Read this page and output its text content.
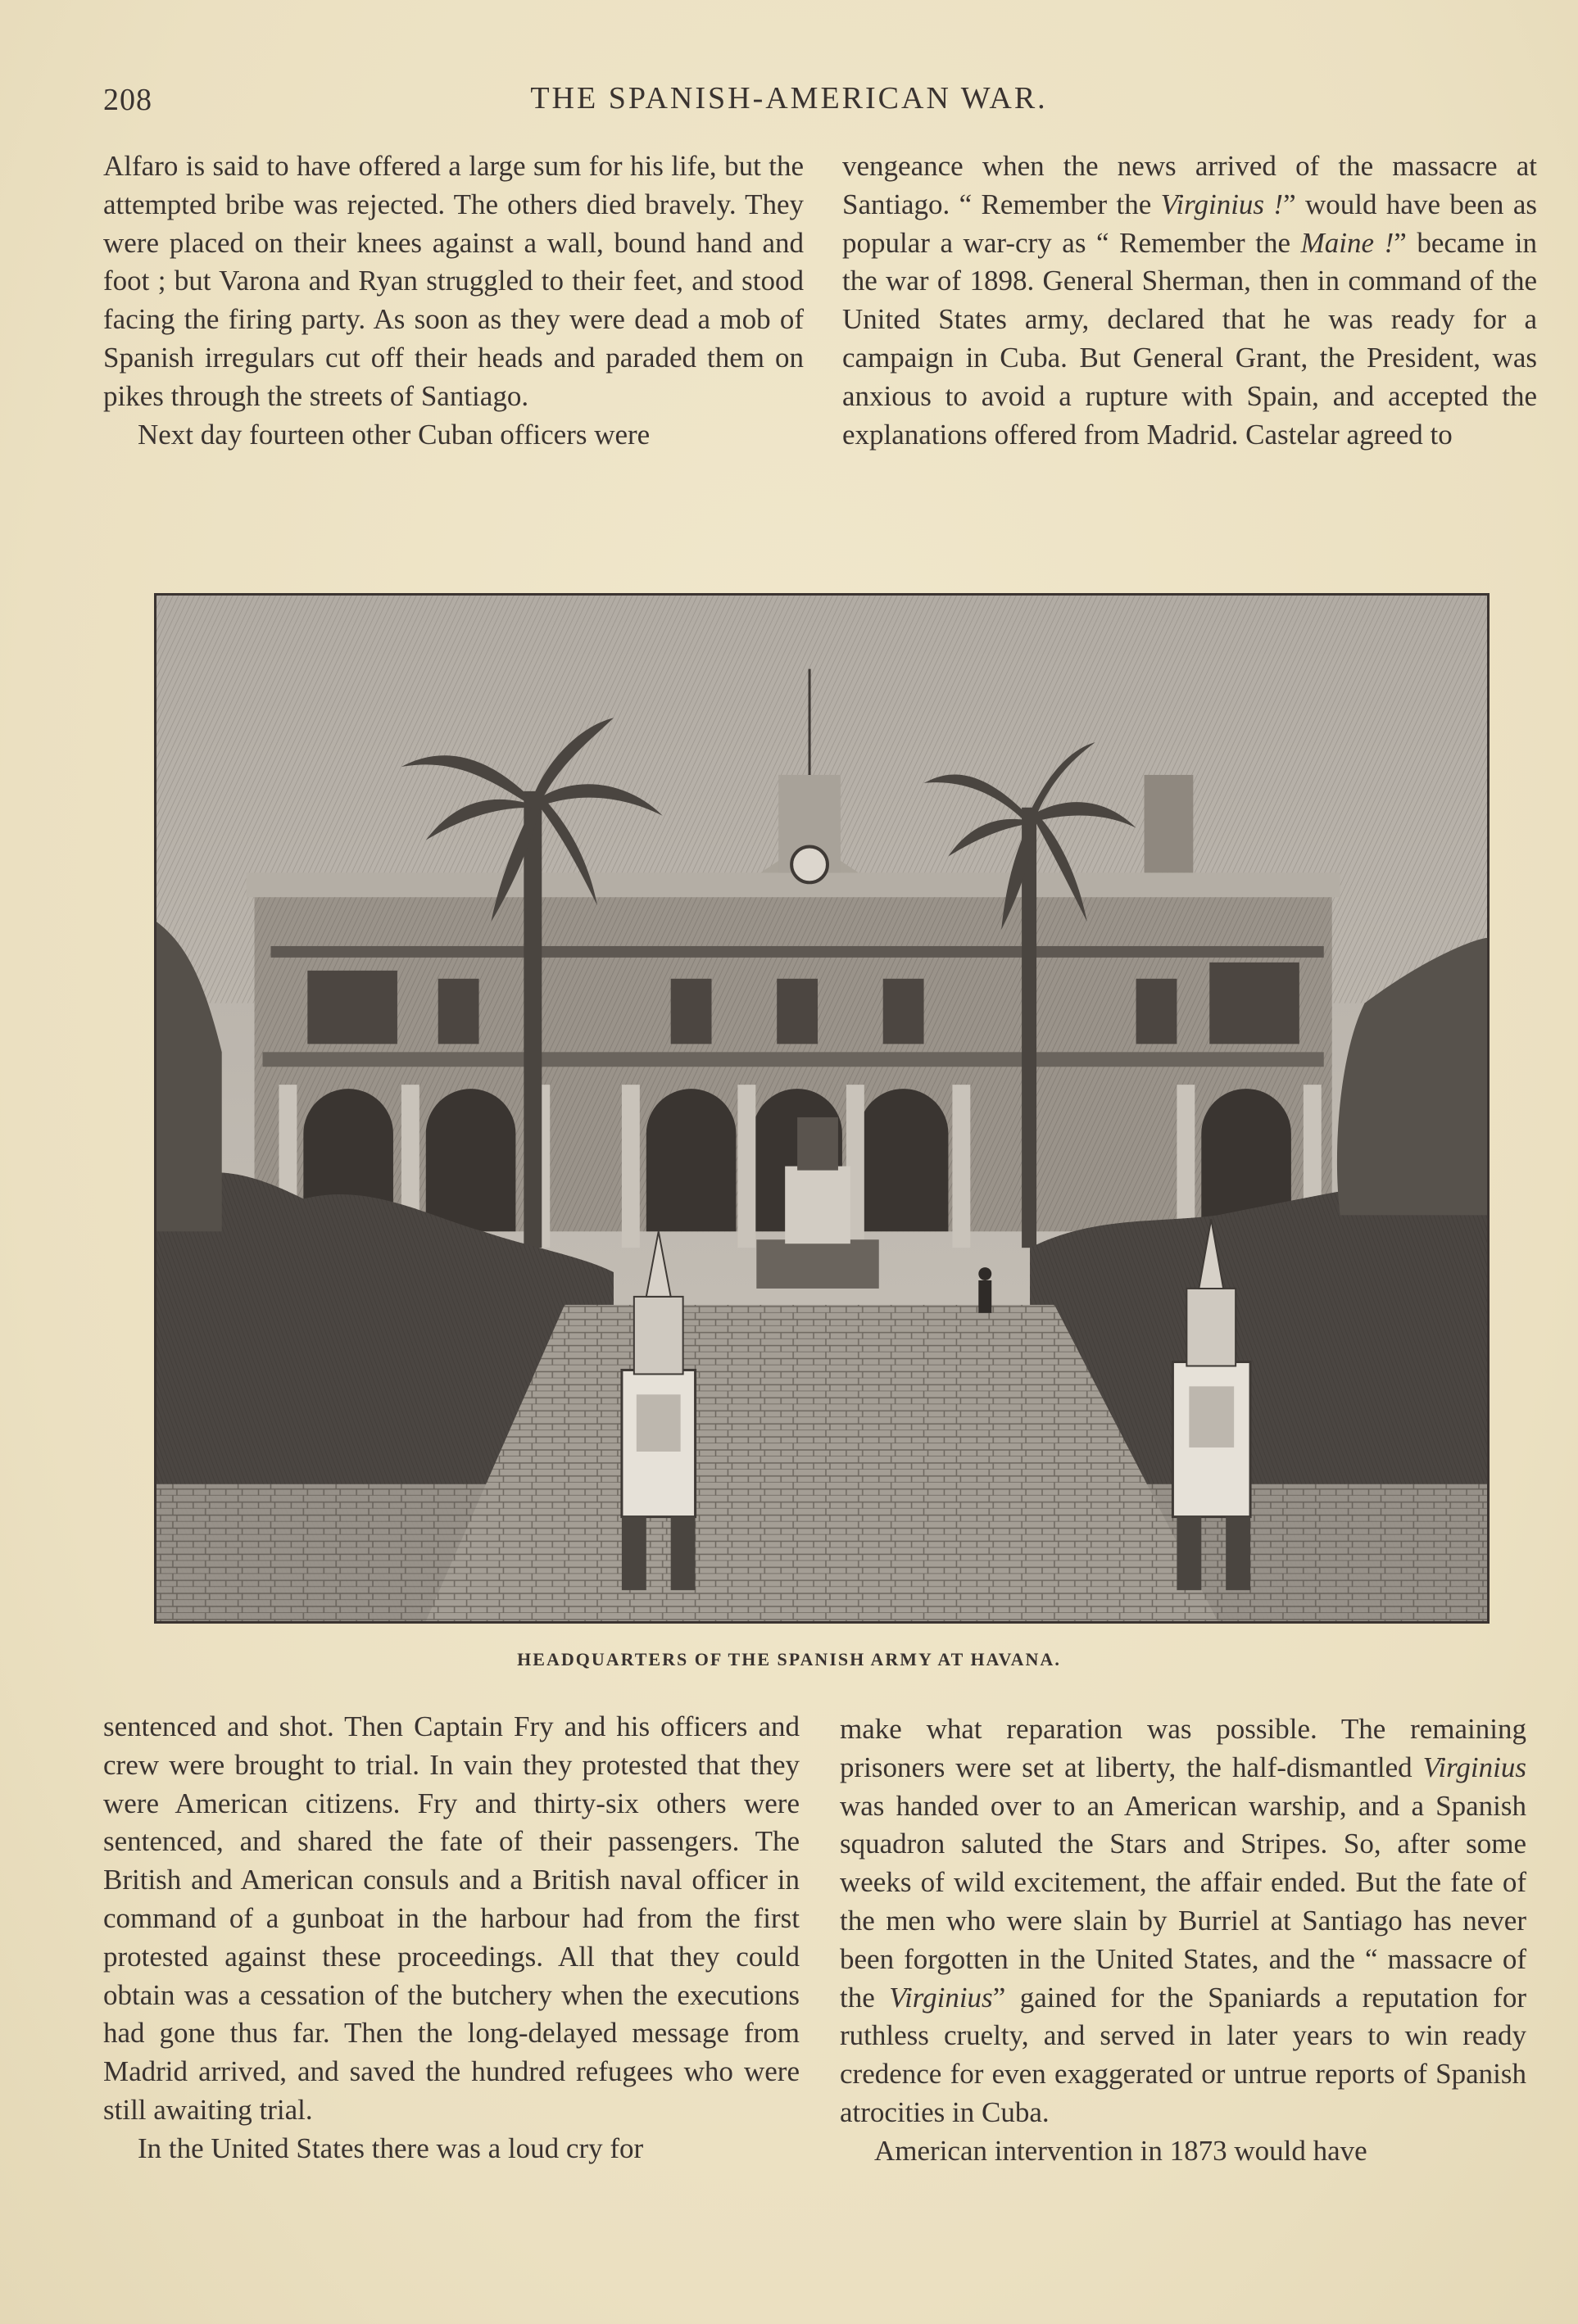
208	THE SPANISH-AMERICAN WAR.

Alfaro is said to have offered a large sum for his life, but the attempted bribe was rejected. The others died bravely. They were placed on their knees against a wall, bound hand and foot ; but Varona and Ryan struggled to their feet, and stood facing the firing party. As soon as they were dead a mob of Spanish irregulars cut off their heads and paraded them on pikes through the streets of Santiago.

Next day fourteen other Cuban officers were

vengeance when the news arrived of the massacre at Santiago. “ Remember the Virginius !” would have been as popular a war-cry as “ Remember the Maine !” became in the war of 1898. General Sherman, then in command of the United States army, declared that he was ready for a campaign in Cuba. But General Grant, the President, was anxious to avoid a rupture with Spain, and accepted the explanations offered from Madrid. Castelar agreed to

HEADQUARTERS OF THE SPANISH ARMY AT HAVANA.

sentenced and shot. Then Captain Fry and his officers and crew were brought to trial. In vain they protested that they were American citizens. Fry and thirty-six others were sentenced, and shared the fate of their passengers. The British and American consuls and a British naval officer in command of a gunboat in the harbour had from the first protested against these proceedings. All that they could obtain was a cessation of the butchery when the executions had gone thus far. Then the long-delayed message from Madrid arrived, and saved the hundred refugees who were still awaiting trial.

In the United States there was a loud cry for

make what reparation was possible. The remaining prisoners were set at liberty, the half-dismantled Virginius was handed over to an American warship, and a Spanish squadron saluted the Stars and Stripes. So, after some weeks of wild excitement, the affair ended. But the fate of the men who were slain by Burriel at Santiago has never been forgotten in the United States, and the “ massacre of the Virginius” gained for the Spaniards a reputation for ruthless cruelty, and served in later years to win ready credence for even exaggerated or untrue reports of Spanish atrocities in Cuba.

American intervention in 1873 would have
